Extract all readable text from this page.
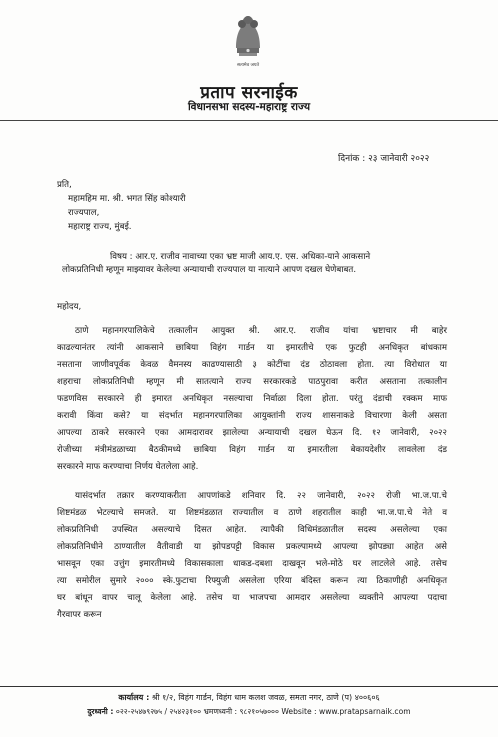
सत्यमेव जयते
प्रताप सरनाईक
विधानसभा सदस्य-महाराष्ट्र राज्य
दिनांक : २३ जानेवारी २०२२
प्रति,
महामहिम मा. श्री. भगत सिंह कोश्यारी
राज्यपाल,
महाराष्ट्र राज्य, मुंबई.
विषय : आर.ए. राजीव नावाच्या एका भ्रष्ट माजी आय.ए. एस. अधिका-याने आकसाने
लोकप्रतिनिधी म्हणून माझ्यावर केलेल्या अन्यायाची राज्यपाल या नात्याने आपण दखल घेणेबाबत.
महोदय,
ठाणे महानगरपालिकेचे तत्कालीन आयुक्त श्री. आर.ए. राजीव यांचा भ्रष्टाचार मी बाहेर
काढल्यानंतर त्यांनी आकसाने छाबिया विहंग गार्डन या इमारतीचे एक फुटही अनधिकृत बांधकाम
नसताना जाणीवपूर्वक केवळ वैमनस्य काढण्यासाठी ३ कोटींचा दंड ठोठावला होता. त्या विरोधात या
शहराचा लोकप्रतिनिधी म्हणून मी सातत्याने राज्य सरकारकडे पाठपुरावा करीत असताना तत्कालीन
फडणविस सरकारने ही इमारत अनधिकृत नसल्याचा निर्वाळा दिला होता. परंतु दंडाची रक्कम माफ
करावी किंवा कसे? या संदर्भात महानगरपालिका आयुक्तांनी राज्य शासनाकडे विचारणा केली असता
आपल्या ठाकरे सरकारने एका आमदारावर झालेल्या अन्यायाची दखल घेऊन दि. १२ जानेवारी, २०२२
रोजीच्या मंत्रीमंडळाच्या बैठकीमध्ये छाबिया विहंग गार्डन या इमारतीला बेकायदेशीर लावलेला दंड
सरकारने माफ करण्याचा निर्णय घेतलेला आहे.
यासंदर्भात तक्रार करण्याकरीता आपणांकडे शनिवार दि. २२ जानेवारी, २०२२ रोजी भा.ज.पा.चे
शिष्टमंडळ भेटल्याचे समजते. या शिष्टमंडळात राज्यातील व ठाणे शहरातील काही भा.ज.पा.चे नेते व
लोकप्रतिनिधी उपस्थित असल्याचे दिसत आहेत. त्यापैकी विधिमंडळातील सदस्य असलेल्या एका
लोकप्रतिनिधीने ठाण्यातील वैतीवाडी या झोपडपट्टी विकास प्रकल्पामध्ये आपल्या झोपड्या आहेत असे
भासवून एका उत्तुंग इमारतीमध्ये विकासकाला धाकड-दबशा दाखवून भले-मोठे घर लाटलेले आहे. तसेच
त्या समोरील सुमारे २००० स्के.फुटाचा रिफ्युजी असलेला एरिया बंदिस्त करून त्या ठिकाणीही अनधिकृत
घर बांधून वापर चालू केलेला आहे. तसेच या भाजपचा आमदार असलेल्या व्यक्तीने आपल्या पदाचा
गैरवापर करून
कार्यालय : श्री १/२, विहंग गार्डन, विहंग धाम कलश जवळ, समता नगर, ठाणे (प) ४००६०६
दुरध्वनी : ०२२-२५४७९२७५ / २५४२३१०० भ्रमणध्वनी : ९८२१०५७००० Website : www.pratapsarnaik.com
